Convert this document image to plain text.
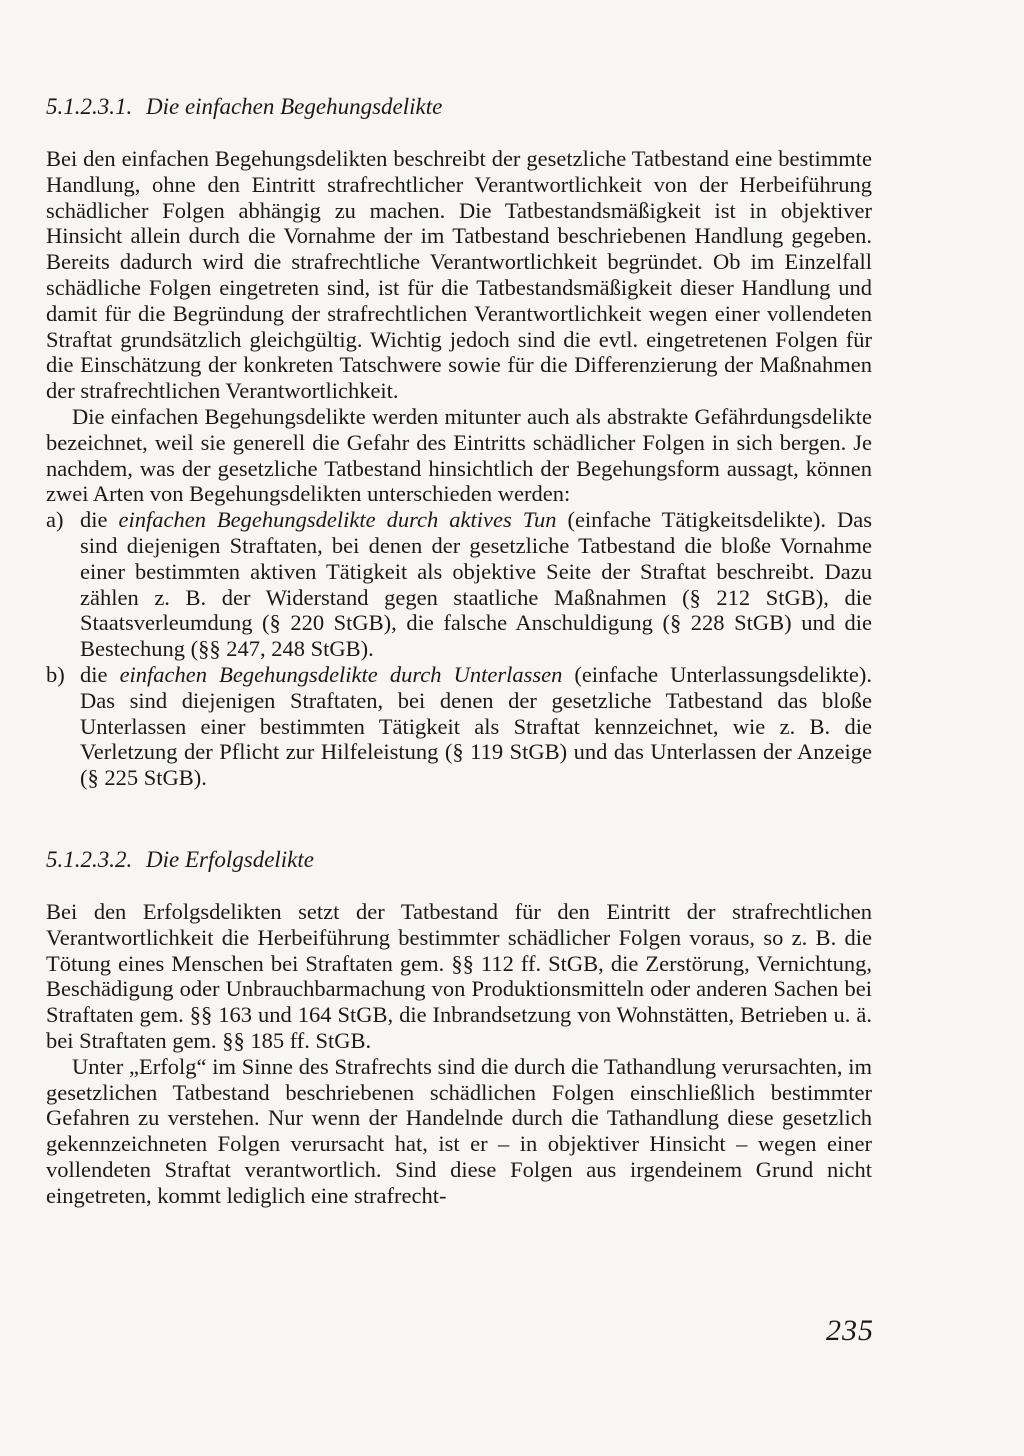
5.1.2.3.1. Die einfachen Begehungsdelikte

Bei den einfachen Begehungsdelikten beschreibt der gesetzliche Tatbestand eine bestimmte Handlung, ohne den Eintritt strafrechtlicher Verantwortlichkeit von der Herbeiführung schädlicher Folgen abhängig zu machen. Die Tatbestandsmäßigkeit ist in objektiver Hinsicht allein durch die Vornahme der im Tatbestand beschriebenen Handlung gegeben. Bereits dadurch wird die strafrechtliche Verantwortlichkeit begründet. Ob im Einzelfall schädliche Folgen eingetreten sind, ist für die Tatbestandsmäßigkeit dieser Handlung und damit für die Begründung der strafrechtlichen Verantwortlichkeit wegen einer vollendeten Straftat grundsätzlich gleichgültig. Wichtig jedoch sind die evtl. eingetretenen Folgen für die Einschätzung der konkreten Tatschwere sowie für die Differenzierung der Maßnahmen der strafrechtlichen Verantwortlichkeit.

Die einfachen Begehungsdelikte werden mitunter auch als abstrakte Gefährdungsdelikte bezeichnet, weil sie generell die Gefahr des Eintritts schädlicher Folgen in sich bergen. Je nachdem, was der gesetzliche Tatbestand hinsichtlich der Begehungsform aussagt, können zwei Arten von Begehungsdelikten unterschieden werden:

a) die einfachen Begehungsdelikte durch aktives Tun (einfache Tätigkeitsdelikte). Das sind diejenigen Straftaten, bei denen der gesetzliche Tatbestand die bloße Vornahme einer bestimmten aktiven Tätigkeit als objektive Seite der Straftat beschreibt. Dazu zählen z. B. der Widerstand gegen staatliche Maßnahmen (§ 212 StGB), die Staatsverleumdung (§ 220 StGB), die falsche Anschuldigung (§ 228 StGB) und die Bestechung (§§ 247, 248 StGB).
b) die einfachen Begehungsdelikte durch Unterlassen (einfache Unterlassungsdelikte). Das sind diejenigen Straftaten, bei denen der gesetzliche Tatbestand das bloße Unterlassen einer bestimmten Tätigkeit als Straftat kennzeichnet, wie z. B. die Verletzung der Pflicht zur Hilfeleistung (§ 119 StGB) und das Unterlassen der Anzeige (§ 225 StGB).
5.1.2.3.2. Die Erfolgsdelikte

Bei den Erfolgsdelikten setzt der Tatbestand für den Eintritt der strafrechtlichen Verantwortlichkeit die Herbeiführung bestimmter schädlicher Folgen voraus, so z. B. die Tötung eines Menschen bei Straftaten gem. §§ 112 ff. StGB, die Zerstörung, Vernichtung, Beschädigung oder Unbrauchbarmachung von Produktionsmitteln oder anderen Sachen bei Straftaten gem. §§ 163 und 164 StGB, die Inbrandsetzung von Wohnstätten, Betrieben u. ä. bei Straftaten gem. §§ 185 ff. StGB.

Unter „Erfolg“ im Sinne des Strafrechts sind die durch die Tathandlung verursachten, im gesetzlichen Tatbestand beschriebenen schädlichen Folgen einschließlich bestimmter Gefahren zu verstehen. Nur wenn der Handelnde durch die Tathandlung diese gesetzlich gekennzeichneten Folgen verursacht hat, ist er – in objektiver Hinsicht – wegen einer vollendeten Straftat verantwortlich. Sind diese Folgen aus irgendeinem Grund nicht eingetreten, kommt lediglich eine strafrecht-

235
